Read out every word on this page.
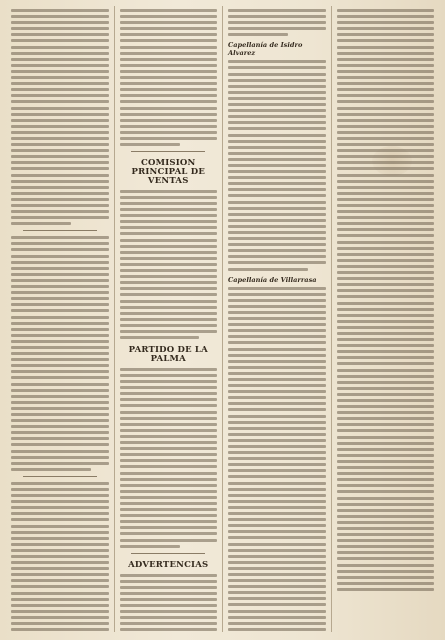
COMISION PRINCIPAL DE VENTAS
PARTIDO DE LA PALMA
ADVERTENCIAS
Capellanía de Isidro Alvarez
Capellanía de Villarrasa
